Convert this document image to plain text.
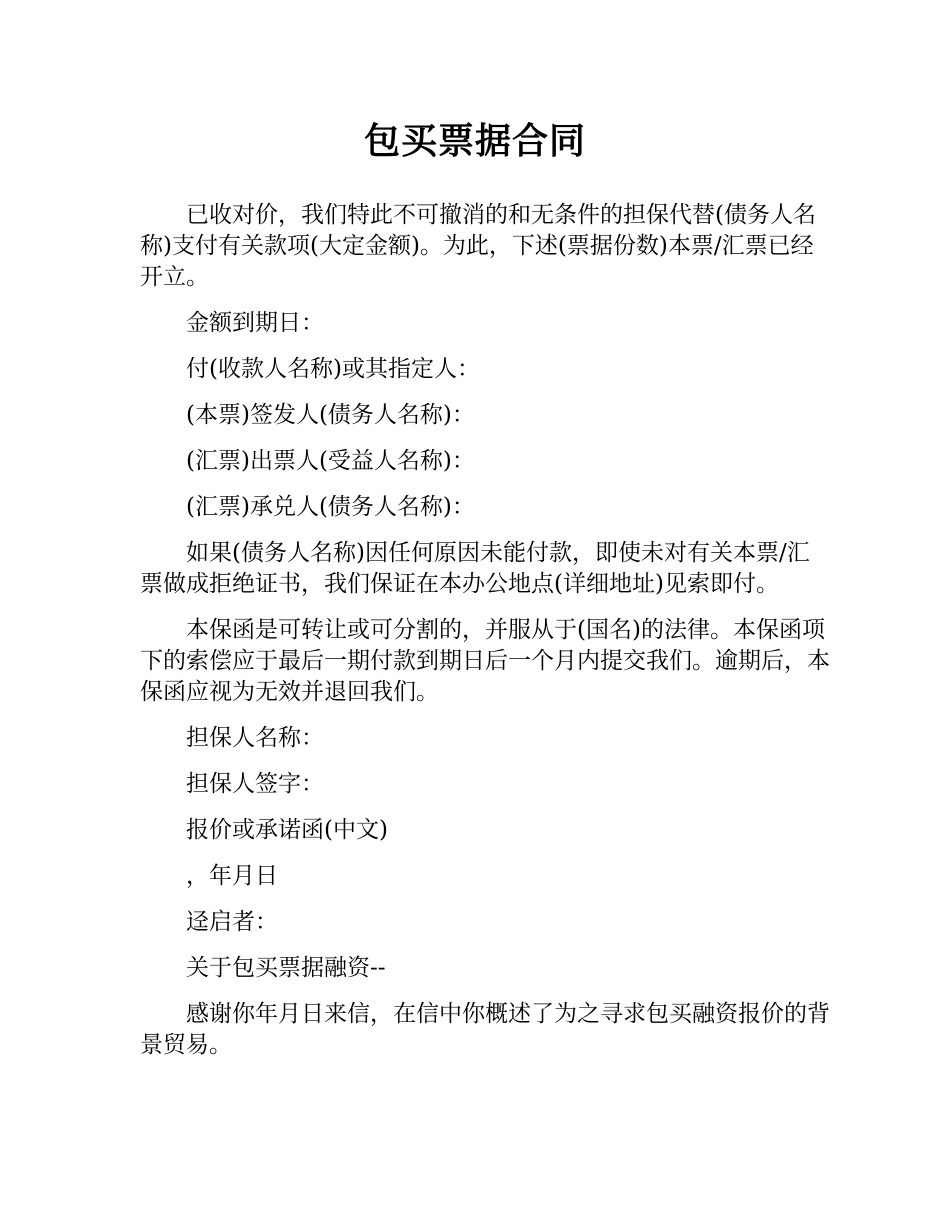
包买票据合同

已收对价，我们特此不可撤消的和无条件的担保代替(债务人名称)支付有关款项(大定金额)。为此，下述(票据份数)本票/汇票已经开立。

金额到期日：

付(收款人名称)或其指定人：

(本票)签发人(债务人名称)：

(汇票)出票人(受益人名称)：

(汇票)承兑人(债务人名称)：

如果(债务人名称)因任何原因未能付款，即使未对有关本票/汇票做成拒绝证书，我们保证在本办公地点(详细地址)见索即付。

本保函是可转让或可分割的，并服从于(国名)的法律。本保函项下的索偿应于最后一期付款到期日后一个月内提交我们。逾期后，本保函应视为无效并退回我们。

担保人名称：

担保人签字：

报价或承诺函(中文)

，年月日

迳启者：

关于包买票据融资--

感谢你年月日来信，在信中你概述了为之寻求包买融资报价的背景贸易。
